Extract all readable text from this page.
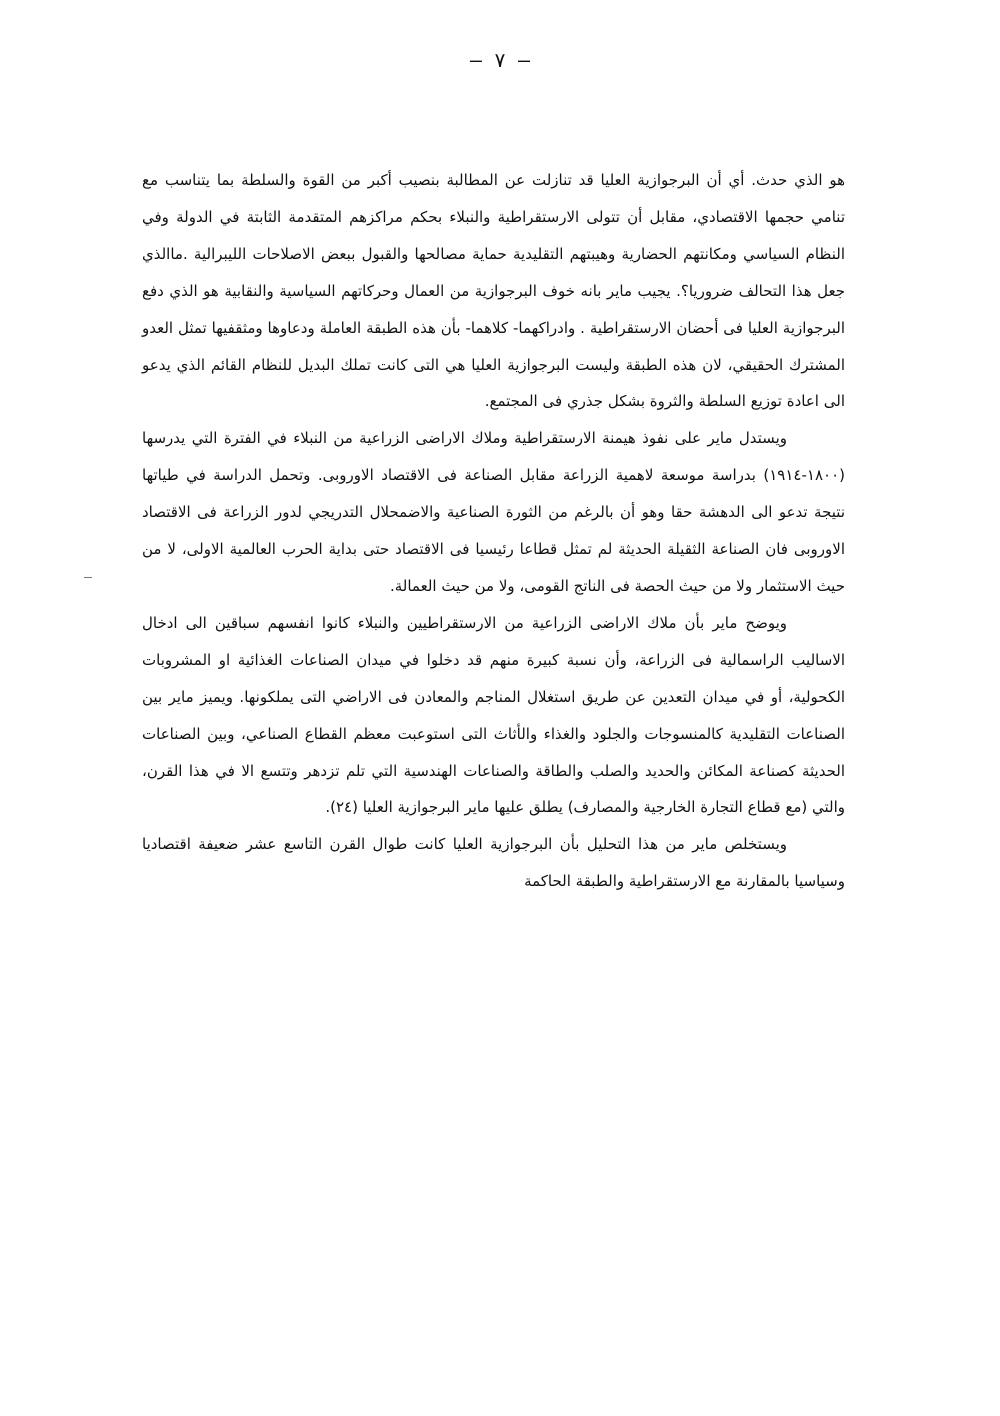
– ٧ –

هو الذي حدث. أي أن البرجوازية العليا قد تنازلت عن المطالبة بنصيب أكبر من القوة والسلطة بما يتناسب مع تنامي حجمها الاقتصادي، مقابل أن تتولى الارستقراطية والنبلاء بحكم مراكزهم المتقدمة الثابتة في الدولة وفي النظام السياسي ومكانتهم الحضارية وهيبتهم التقليدية حماية مصالحها والقبول ببعض الاصلاحات الليبرالية .ماالذي جعل هذا التحالف ضروريا؟. يجيب ماير بانه خوف البرجوازية من العمال وحركاتهم السياسية والنقابية هو الذي دفع البرجوازية العليا فى أحضان الارستقراطية . وادراكهما- كلاهما- بأن هذه الطبقة العاملة ودعاوها ومثقفيها تمثل العدو المشترك الحقيقي، لان هذه الطبقة وليست البرجوازية العليا هي التى كانت تملك البديل للنظام القائم الذي يدعو الى اعادة توزيع السلطة والثروة بشكل جذري فى المجتمع.

ويستدل ماير على نفوذ هيمنة الارستقراطية وملاك الاراضى الزراعية من النبلاء في الفترة التي يدرسها (١٨٠٠-١٩١٤) بدراسة موسعة لاهمية الزراعة مقابل الصناعة فى الاقتصاد الاوروبى. وتحمل الدراسة في طياتها نتيجة تدعو الى الدهشة حقا وهو أن بالرغم من الثورة الصناعية والاضمحلال التدريجي لدور الزراعة فى الاقتصاد الاوروبى فان الصناعة الثقيلة الحديثة لم تمثل قطاعا رئيسيا فى الاقتصاد حتى بداية الحرب العالمية الاولى، لا من حيث الاستثمار ولا من حيث الحصة فى الناتج القومى، ولا من حيث العمالة.

ويوضح ماير بأن ملاك الاراضى الزراعية من الارستقراطيين والنبلاء كانوا انفسهم سباقين الى ادخال الاساليب الراسمالية فى الزراعة، وأن نسبة كبيرة منهم قد دخلوا في ميدان الصناعات الغذائية او المشروبات الكحولية، أو في ميدان التعدين عن طريق استغلال المناجم والمعادن فى الاراضي التى يملكونها. ويميز ماير بين الصناعات التقليدية كالمنسوجات والجلود والغذاء والأثاث التى استوعبت معظم القطاع الصناعي، وبين الصناعات الحديثة كصناعة المكائن والحديد والصلب والطاقة والصناعات الهندسية التي تلم تزدهر وتتسع الا في هذا القرن، والتي (مع قطاع التجارة الخارجية والمصارف) يطلق عليها ماير البرجوازية العليا (٢٤).

ويستخلص ماير من هذا التحليل بأن البرجوازية العليا كانت طوال القرن التاسع عشر ضعيفة اقتصاديا وسياسيا بالمقارنة مع الارستقراطية والطبقة الحاكمة
